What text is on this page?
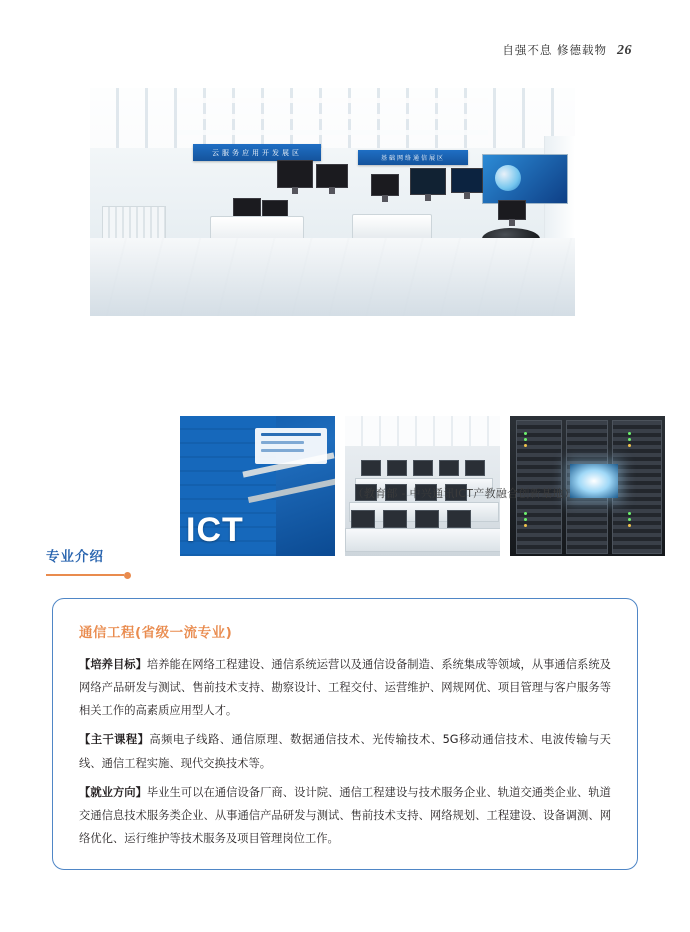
自强不息 修德载物 26
云服务应用开发展区
基础网络通信展区
ICT
（教育部 - 中兴通讯ICT产教融合创新基地）
专业介绍
通信工程(省级一流专业)

【培养目标】培养能在网络工程建设、通信系统运营以及通信设备制造、系统集成等领域，从事通信系统及网络产品研发与测试、售前技术支持、勘察设计、工程交付、运营维护、网规网优、项目管理与客户服务等相关工作的高素质应用型人才。

【主干课程】高频电子线路、通信原理、数据通信技术、光传输技术、5G移动通信技术、电波传输与天线、通信工程实施、现代交换技术等。

【就业方向】毕业生可以在通信设备厂商、设计院、通信工程建设与技术服务企业、轨道交通类企业、轨道交通信息技术服务类企业、从事通信产品研发与测试、售前技术支持、网络规划、工程建设、设备调测、网络优化、运行维护等技术服务及项目管理岗位工作。
